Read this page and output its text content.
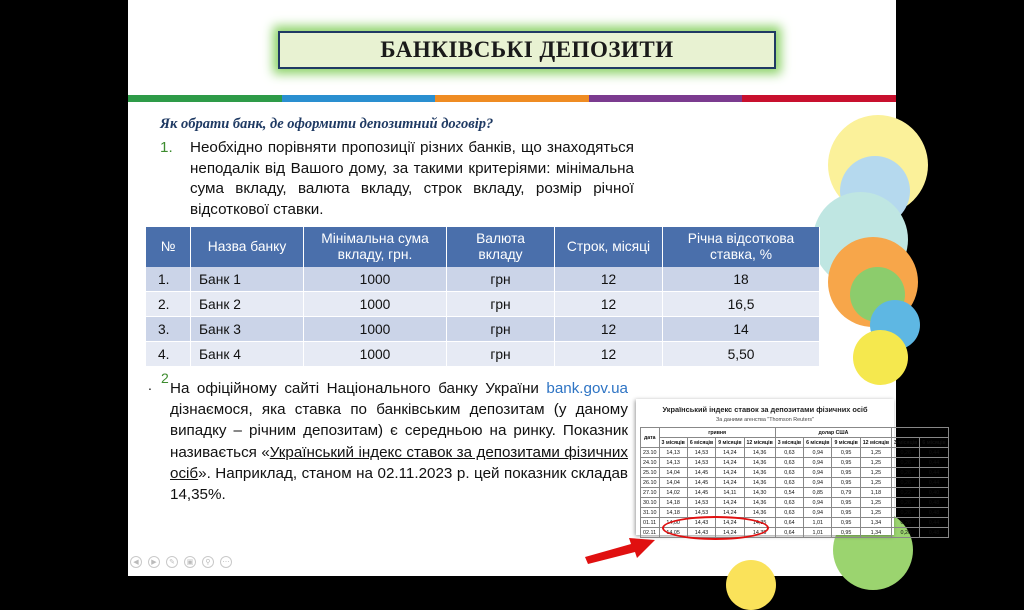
БАНКІВСЬКІ ДЕПОЗИТИ
Як обрати банк, де оформити депозитний договір?
1. Необхідно порівняти пропозиції різних банків, що знаходяться неподалік від Вашого дому, за такими критеріями: мінімальна сума вкладу, валюта вкладу, строк вкладу, розмір річної відсоткової ставки.
№	Назва банку	Мінімальна сума вкладу, грн.	Валюта вкладу	Строк, місяці	Річна відсоткова ставка, %
1.	Банк 1	1000	грн	12	18
2.	Банк 2	1000	грн	12	16,5
3.	Банк 3	1000	грн	12	14
4.	Банк 4	1000	грн	12	5,50
2
. На офіційному сайті Національного банку України bank.gov.ua дізнаємося, яка ставка по банківським депозитам (у даному випадку – річним депозитам) є середньою на ринку. Показник називається «Український індекс ставок за депозитами фізичних осіб». Наприклад, станом на 02.11.2023 р. цей показник складав 14,35%.
Український індекс ставок за депозитами фізичних осіб
За даними агенства "Thomson Reuters"
дата	гривня				долар США					
	3 місяців	6 місяців	9 місяців	12 місяців	3 місяців	6 місяців	9 місяців	12 місяців	3 місяців	6 місяців
23.10	14,13	14,53	14,24	14,36	0,63	0,94	0,95	1,25	0,26	0,44
24.10	14,13	14,53	14,24	14,36	0,63	0,94	0,95	1,25	0,26	0,44
25.10	14,04	14,45	14,24	14,36	0,63	0,94	0,95	1,25	0,26	0,44
26.10	14,04	14,45	14,24	14,36	0,63	0,94	0,95	1,25	0,26	0,44
27.10	14,02	14,45	14,11	14,30	0,54	0,85	0,79	1,18	0,22	0,40
30.10	14,18	14,53	14,24	14,36	0,63	0,94	0,95	1,25	0,26	0,48
31.10	14,18	14,53	14,24	14,36	0,63	0,94	0,95	1,25	0,26	0,48
01.11	14,00	14,43	14,24	14,35	0,64	1,01	0,95	1,34	0,26	0,44
02.11	14,05	14,43	14,24	14,35	0,64	1,01	0,95	1,34	0,26	0,48
◀	▶	✎	▣	⚲	⋯
